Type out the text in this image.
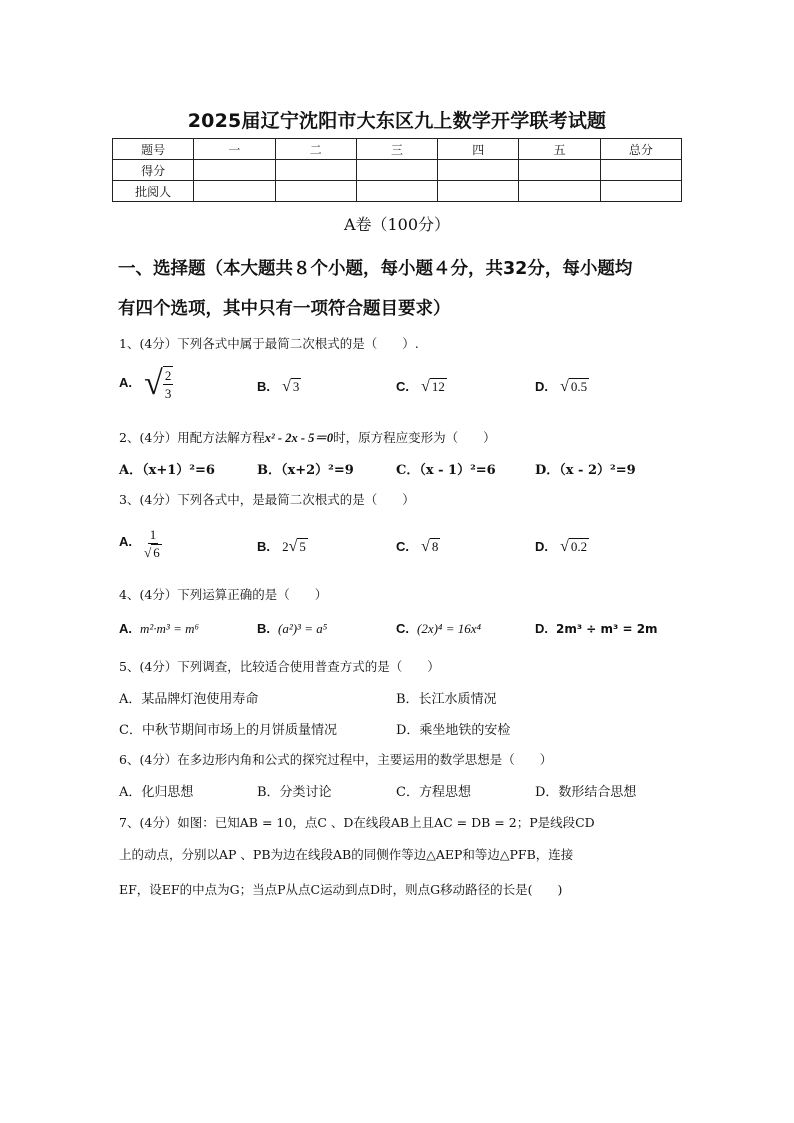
2025届辽宁沈阳市大东区九上数学开学联考试题
题号	一	二	三	四	五	总分
得分						
批阅人						
A卷（100分）
一、选择题（本大题共８个小题，每小题４分，共32分，每小题均
有四个选项，其中只有一项符合题目要求）
1、(4分）下列各式中属于最简二次根式的是（　　）.
A. √ $\frac{2}{3}$	B. √ 3	C. √ 12	D. √ 0.5
2、(4分）用配方法解方程x² - 2x - 5＝0时，原方程应变形为（　　）
A．（x+1）²=6	B．（x+2）²=9	C．（x - 1）²=6	D．（x - 2）²=9
3、(4分）下列各式中，是最简二次根式的是（　　）
A. $\frac{1}{√ 6}$	B. 2√ 5	C. √ 8	D. √ 0.2
4、(4分）下列运算正确的是（　　）
A. m²·m³ = m⁶	B. (a²)³ = a⁵	C. (2x)⁴ = 16x⁴	D. 2m³ ÷ m³ = 2m
5、(4分）下列调查，比较适合使用普查方式的是（　　）
A．某品牌灯泡使用寿命	B．长江水质情况
C．中秋节期间市场上的月饼质量情况	D．乘坐地铁的安检
6、(4分）在多边形内角和公式的探究过程中，主要运用的数学思想是（　　）
A．化归思想	B．分类讨论	C．方程思想	D．数形结合思想
7、(4分）如图：已知AB = 10，点C 、D在线段AB上且AC = DB = 2；P是线段CD
上的动点，分别以AP 、PB为边在线段AB的同侧作等边△AEP和等边△PFB，连接
EF，设EF的中点为G；当点P从点C运动到点D时，则点G移动路径的长是(　　)
